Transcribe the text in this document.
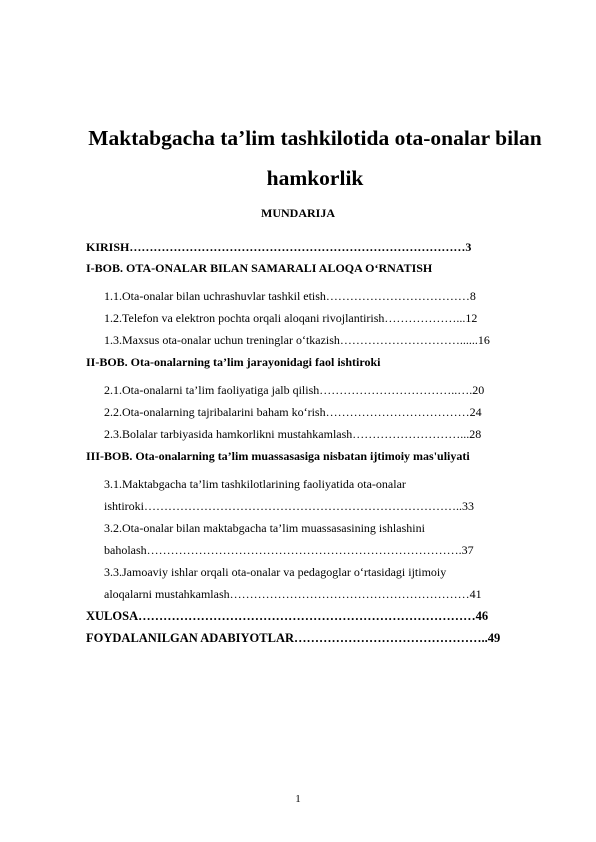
Maktabgacha ta’lim tashkilotida ota-onalar bilan
hamkorlik
MUNDARIJA
KIRISH…………………………………………………………………………3
I-BOB. OTA-ONALAR BILAN SAMARALI ALOQA O‘RNATISH
1.1.Ota-onalar bilan uchrashuvlar tashkil etish………………………………8
1.2.Telefon va elektron pochta orqali aloqani rivojlantirish………………...12
1.3.Maxsus ota-onalar uchun treninglar o‘tkazish…………………………......16
II-BOB. Ota-onalarning ta’lim jarayonidagi faol ishtiroki
2.1.Ota-onalarni ta’lim faoliyatiga jalb qilish……………………………..….20
2.2.Ota-onalarning tajribalarini baham ko‘rish………………………………24
2.3.Bolalar tarbiyasida hamkorlikni mustahkamlash………………………...28
III-BOB. Ota-onalarning ta’lim muassasasiga nisbatan ijtimoiy mas'uliyati
3.1.Maktabgacha ta’lim tashkilotlarining faoliyatida ota-onalar
ishtiroki……………………………………………………………………..33
3.2.Ota-onalar bilan maktabgacha ta’lim muassasasining ishlashini
baholash…………………………………………………………………….37
3.3.Jamoaviy ishlar orqali ota-onalar va pedagoglar o‘rtasidagi ijtimoiy
aloqalarni mustahkamlash……………………………………………………41
XULOSA………………………………………………………………………46
FOYDALANILGAN ADABIYOTLAR………………………………………..49
1
